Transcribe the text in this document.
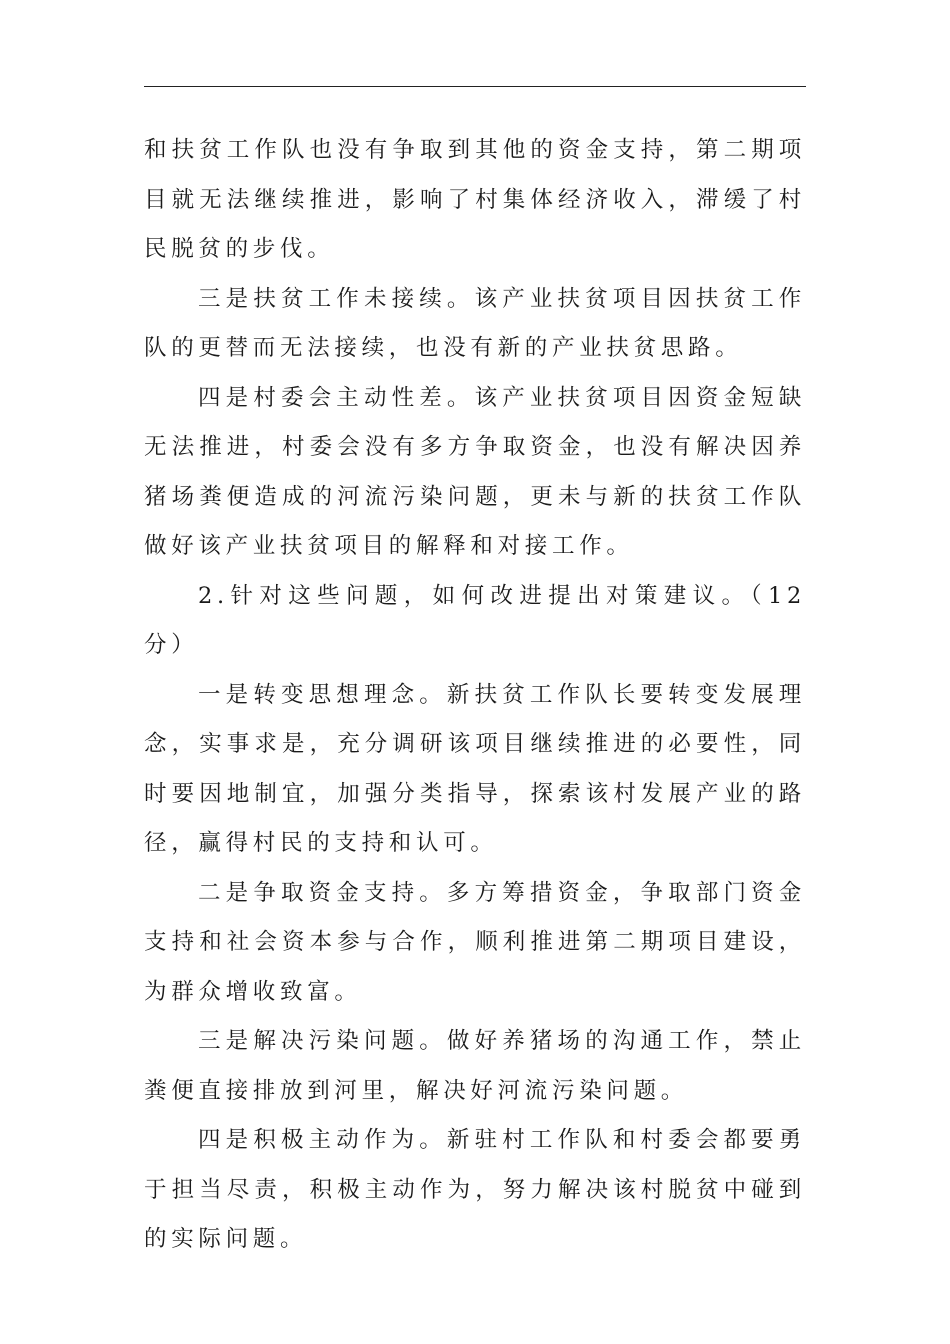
和扶贫工作队也没有争取到其他的资金支持，第二期项目就无法继续推进，影响了村集体经济收入，滞缓了村民脱贫的步伐。

三是扶贫工作未接续。该产业扶贫项目因扶贫工作队的更替而无法接续，也没有新的产业扶贫思路。

四是村委会主动性差。该产业扶贫项目因资金短缺无法推进，村委会没有多方争取资金，也没有解决因养猪场粪便造成的河流污染问题，更未与新的扶贫工作队做好该产业扶贫项目的解释和对接工作。

2.针对这些问题，如何改进提出对策建议。（12分）

一是转变思想理念。新扶贫工作队长要转变发展理念，实事求是，充分调研该项目继续推进的必要性，同时要因地制宜，加强分类指导，探索该村发展产业的路径，赢得村民的支持和认可。

二是争取资金支持。多方筹措资金，争取部门资金支持和社会资本参与合作，顺利推进第二期项目建设，为群众增收致富。

三是解决污染问题。做好养猪场的沟通工作，禁止粪便直接排放到河里，解决好河流污染问题。

四是积极主动作为。新驻村工作队和村委会都要勇于担当尽责，积极主动作为，努力解决该村脱贫中碰到的实际问题。
